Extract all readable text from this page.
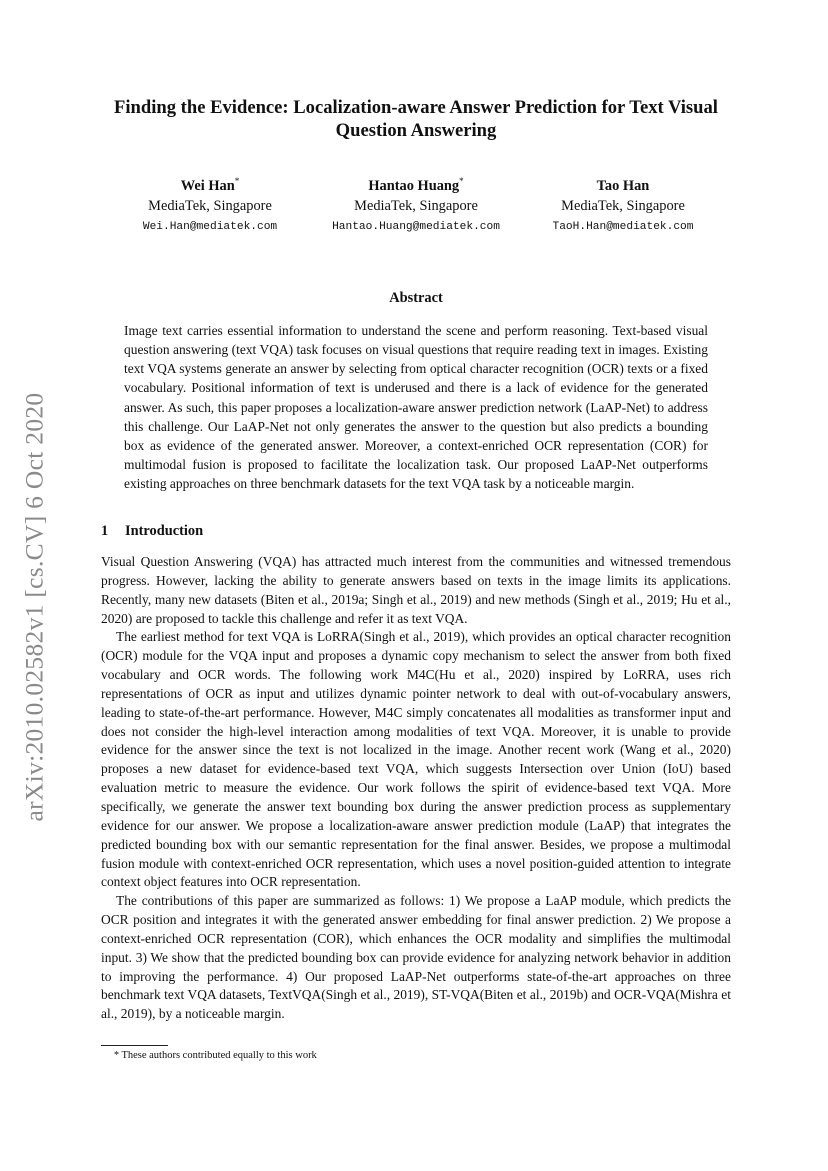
arXiv:2010.02582v1 [cs.CV] 6 Oct 2020
Finding the Evidence: Localization-aware Answer Prediction for Text Visual Question Answering
Wei Han*
MediaTek, Singapore
Wei.Han@mediatek.com
Hantao Huang*
MediaTek, Singapore
Hantao.Huang@mediatek.com
Tao Han
MediaTek, Singapore
TaoH.Han@mediatek.com
Abstract

Image text carries essential information to understand the scene and perform reasoning. Text-based visual question answering (text VQA) task focuses on visual questions that require reading text in images. Existing text VQA systems generate an answer by selecting from optical character recognition (OCR) texts or a fixed vocabulary. Positional information of text is underused and there is a lack of evidence for the generated answer. As such, this paper proposes a localization-aware answer prediction network (LaAP-Net) to address this challenge. Our LaAP-Net not only generates the answer to the question but also predicts a bounding box as evidence of the generated answer. Moreover, a context-enriched OCR representation (COR) for multimodal fusion is proposed to facilitate the localization task. Our proposed LaAP-Net outperforms existing approaches on three benchmark datasets for the text VQA task by a noticeable margin.

1 Introduction

Visual Question Answering (VQA) has attracted much interest from the communities and witnessed tremendous progress. However, lacking the ability to generate answers based on texts in the image limits its applications. Recently, many new datasets (Biten et al., 2019a; Singh et al., 2019) and new methods (Singh et al., 2019; Hu et al., 2020) are proposed to tackle this challenge and refer it as text VQA.

The earliest method for text VQA is LoRRA(Singh et al., 2019), which provides an optical character recognition (OCR) module for the VQA input and proposes a dynamic copy mechanism to select the answer from both fixed vocabulary and OCR words. The following work M4C(Hu et al., 2020) inspired by LoRRA, uses rich representations of OCR as input and utilizes dynamic pointer network to deal with out-of-vocabulary answers, leading to state-of-the-art performance. However, M4C simply concatenates all modalities as transformer input and does not consider the high-level interaction among modalities of text VQA. Moreover, it is unable to provide evidence for the answer since the text is not localized in the image. Another recent work (Wang et al., 2020) proposes a new dataset for evidence-based text VQA, which suggests Intersection over Union (IoU) based evaluation metric to measure the evidence. Our work follows the spirit of evidence-based text VQA. More specifically, we generate the answer text bounding box during the answer prediction process as supplementary evidence for our answer. We propose a localization-aware answer prediction module (LaAP) that integrates the predicted bounding box with our semantic representation for the final answer. Besides, we propose a multimodal fusion module with context-enriched OCR representation, which uses a novel position-guided attention to integrate context object features into OCR representation.

The contributions of this paper are summarized as follows: 1) We propose a LaAP module, which predicts the OCR position and integrates it with the generated answer embedding for final answer prediction. 2) We propose a context-enriched OCR representation (COR), which enhances the OCR modality and simplifies the multimodal input. 3) We show that the predicted bounding box can provide evidence for analyzing network behavior in addition to improving the performance. 4) Our proposed LaAP-Net outperforms state-of-the-art approaches on three benchmark text VQA datasets, TextVQA(Singh et al., 2019), ST-VQA(Biten et al., 2019b) and OCR-VQA(Mishra et al., 2019), by a noticeable margin.

* These authors contributed equally to this work
